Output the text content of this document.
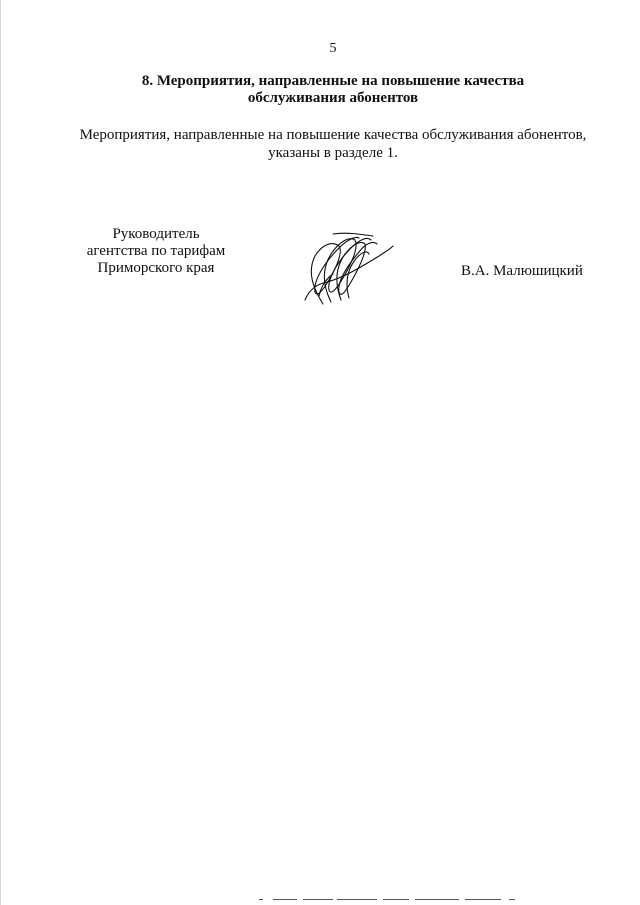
5
8. Мероприятия, направленные на повышение качества
обслуживания абонентов
Мероприятия, направленные на повышение качества обслуживания абонентов,
указаны в разделе 1.
Руководитель
агентства по тарифам
Приморского края	В.А. Малюшицкий
